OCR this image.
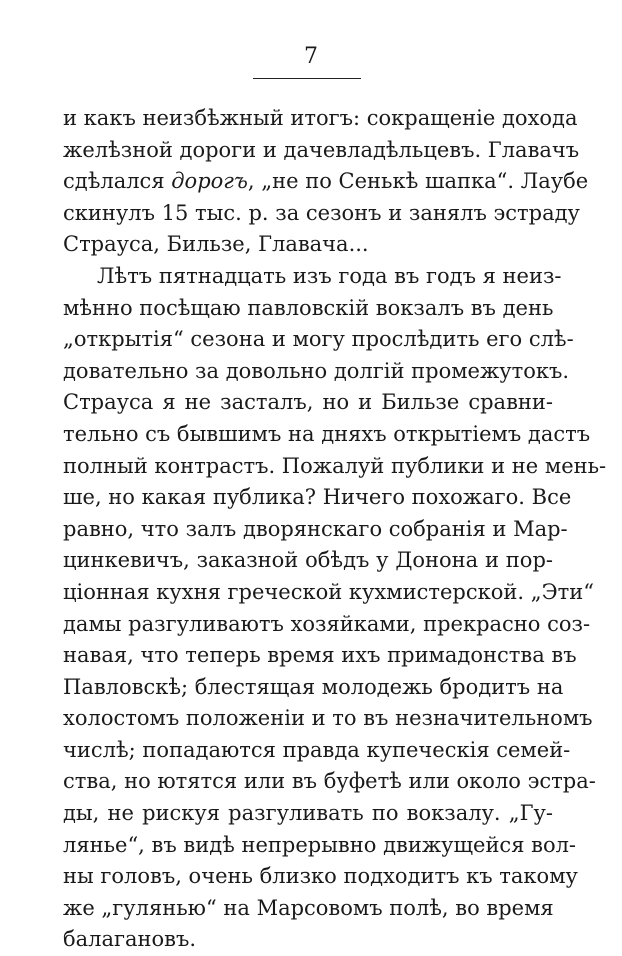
7
и какъ неизбѣжный итогъ: сокращеніе дохода
желѣзной дороги и дачевладѣльцевъ. Главачъ
сдѣлался дорогъ, „не по Сенькѣ шапка“. Лаубе
скинулъ 15 тыс. р. за сезонъ и занялъ эстраду
Страуса, Бильзе, Главача...
Лѣтъ пятнадцать изъ года въ годъ я неиз-
мѣнно посѣщаю павловскій вокзалъ въ день
„открытія“ сезона и могу прослѣдить его слѣ-
довательно за довольно долгій промежутокъ.
Страуса я не засталъ, но и Бильзе сравни-
тельно съ бывшимъ на дняхъ открытіемъ дастъ
полный контрастъ. Пожалуй публики и не мень-
ше, но какая публика? Ничего похожаго. Все
равно, что залъ дворянскаго собранія и Мар-
цинкевичъ, заказной обѣдъ у Донона и пор-
ціонная кухня греческой кухмистерской. „Эти“
дамы разгуливаютъ хозяйками, прекрасно соз-
навая, что теперь время ихъ примадонства въ
Павловскѣ; блестящая молодежь бродитъ на
холостомъ положеніи и то въ незначительномъ
числѣ; попадаются правда купеческія семей-
ства, но ютятся или въ буфетѣ или около эстра-
ды, не рискуя разгуливать по вокзалу. „Гу-
лянье“, въ видѣ непрерывно движущейся вол-
ны головъ, очень близко подходитъ къ такому
же „гулянью“ на Марсовомъ полѣ, во время
балагановъ.
